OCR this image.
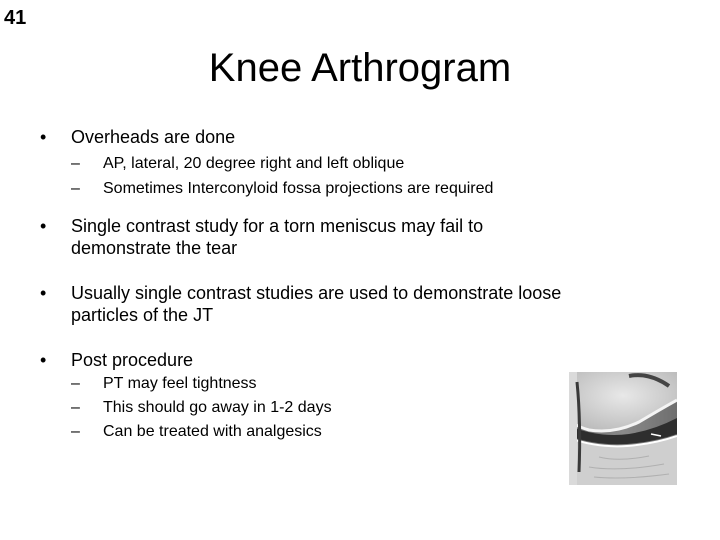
41
Knee Arthrogram
•	Overheads are done
– AP, lateral, 20 degree right and left oblique
– Sometimes Interconyloid fossa projections are required
•	Single contrast study for a torn meniscus may fail to
demonstrate the tear
•	Usually single contrast studies are used to demonstrate loose
particles of the JT
•	Post procedure
– PT may feel tightness
– This should go away in 1-2 days
– Can be treated with analgesics
